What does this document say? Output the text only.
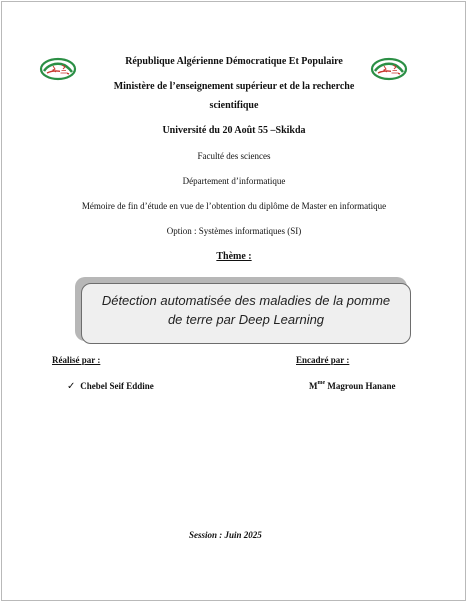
République Algérienne Démocratique Et Populaire
Ministère de l’enseignement supérieur et de la recherche
scientifique
Université du 20 Août 55 –Skikda
Faculté des sciences
Département d’informatique
Mémoire de fin d’étude en vue de l’obtention du diplôme de Master en informatique
Option : Systèmes informatiques (SI)
Thème :
Détection automatisée des maladies de la pomme
de terre par Deep Learning
Réalisé par :	Encadré par :
✓ Chebel Seif Eddine	$M^{me}$ Magroun Hanane
Session : Juin 2025
